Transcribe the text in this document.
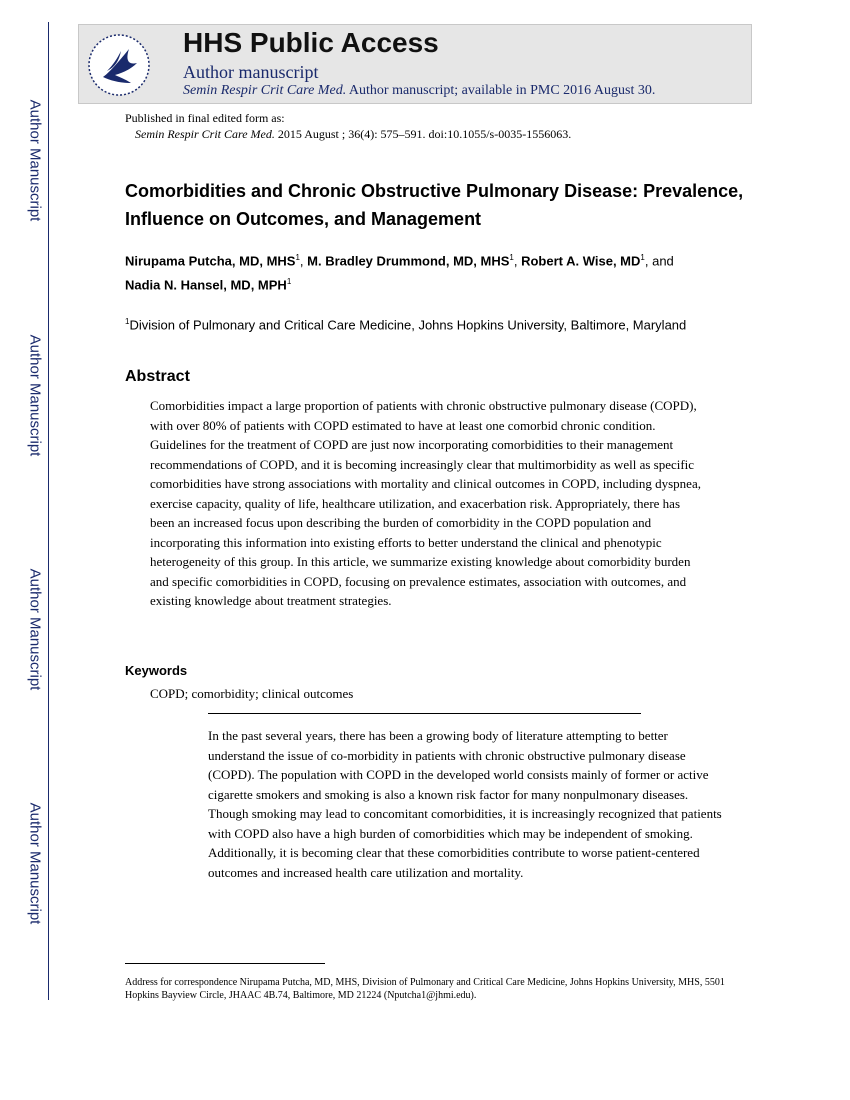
Author Manuscript
Author Manuscript
Author Manuscript
Author Manuscript
HHS Public Access
Author manuscript
Semin Respir Crit Care Med. Author manuscript; available in PMC 2016 August 30.
Published in final edited form as:
Semin Respir Crit Care Med. 2015 August ; 36(4): 575–591. doi:10.1055/s-0035-1556063.
Comorbidities and Chronic Obstructive Pulmonary Disease: Prevalence, Influence on Outcomes, and Management
Nirupama Putcha, MD, MHS$^1$, M. Bradley Drummond, MD, MHS$^1$, Robert A. Wise, $MD^1$, and
Nadia N. Hansel, MD, MPH$^1$
$^1$Division of Pulmonary and Critical Care Medicine, Johns Hopkins University, Baltimore, Maryland
Abstract
Comorbidities impact a large proportion of patients with chronic obstructive pulmonary disease (COPD), with over 80% of patients with COPD estimated to have at least one comorbid chronic condition. Guidelines for the treatment of COPD are just now incorporating comorbidities to their management recommendations of COPD, and it is becoming increasingly clear that multimorbidity as well as specific comorbidities have strong associations with mortality and clinical outcomes in COPD, including dyspnea, exercise capacity, quality of life, healthcare utilization, and exacerbation risk. Appropriately, there has been an increased focus upon describing the burden of comorbidity in the COPD population and incorporating this information into existing efforts to better understand the clinical and phenotypic heterogeneity of this group. In this article, we summarize existing knowledge about comorbidity burden and specific comorbidities in COPD, focusing on prevalence estimates, association with outcomes, and existing knowledge about treatment strategies.
Keywords
COPD; comorbidity; clinical outcomes
In the past several years, there has been a growing body of literature attempting to better understand the issue of co-morbidity in patients with chronic obstructive pulmonary disease (COPD). The population with COPD in the developed world consists mainly of former or active cigarette smokers and smoking is also a known risk factor for many nonpulmonary diseases. Though smoking may lead to concomitant comorbidities, it is increasingly recognized that patients with COPD also have a high burden of comorbidities which may be independent of smoking. Additionally, it is becoming clear that these comorbidities contribute to worse patient-centered outcomes and increased health care utilization and mortality.
Address for correspondence Nirupama Putcha, MD, MHS, Division of Pulmonary and Critical Care Medicine, Johns Hopkins University, MHS, 5501 Hopkins Bayview Circle, JHAAC 4B.74, Baltimore, MD 21224 (Nputcha1@jhmi.edu).
